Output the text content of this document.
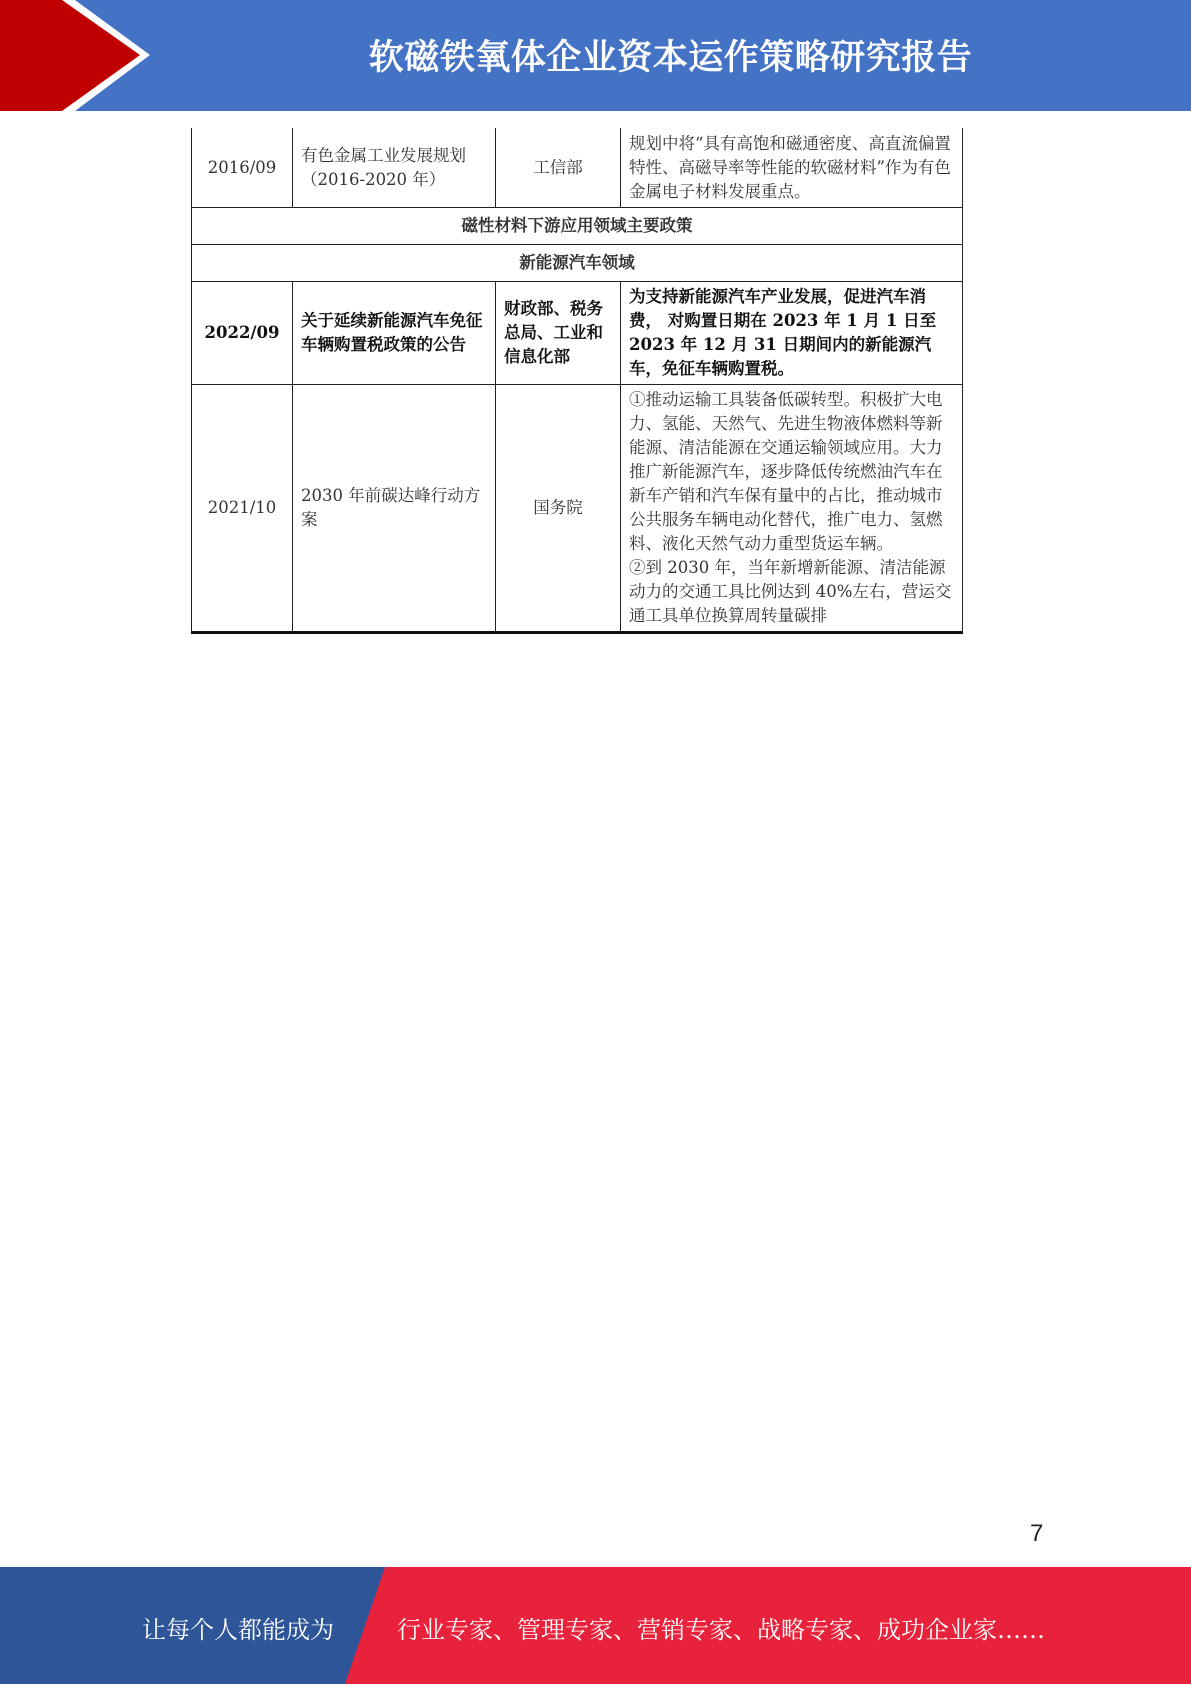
软磁铁氧体企业资本运作策略研究报告
2016/09	有色金属工业发展规划（2016-2020 年）	工信部	规划中将“具有高饱和磁通密度、高直流偏置特性、高磁导率等性能的软磁材料”作为有色金属电子材料发展重点。
磁性材料下游应用领域主要政策			
新能源汽车领域			
2022/09	关于延续新能源汽车免征车辆购置税政策的公告	财政部、税务总局、工业和信息化部	为支持新能源汽车产业发展，促进汽车消费， 对购置日期在 2023 年 1 月 1 日至 2023 年 12 月 31 日期间内的新能源汽车，免征车辆购置税。
2021/10	2030 年前碳达峰行动方案	国务院	①推动运输工具装备低碳转型。积极扩大电力、氢能、天然气、先进生物液体燃料等新能源、清洁能源在交通运输领域应用。大力推广新能源汽车，逐步降低传统燃油汽车在新车产销和汽车保有量中的占比，推动城市公共服务车辆电动化替代，推广电力、氢燃料、液化天然气动力重型货运车辆。
②到 2030 年，当年新增新能源、清洁能源动力的交通工具比例达到 40%左右，营运交通工具单位换算周转量碳排
7
让每个人都能成为	行业专家、管理专家、营销专家、战略专家、成功企业家……
